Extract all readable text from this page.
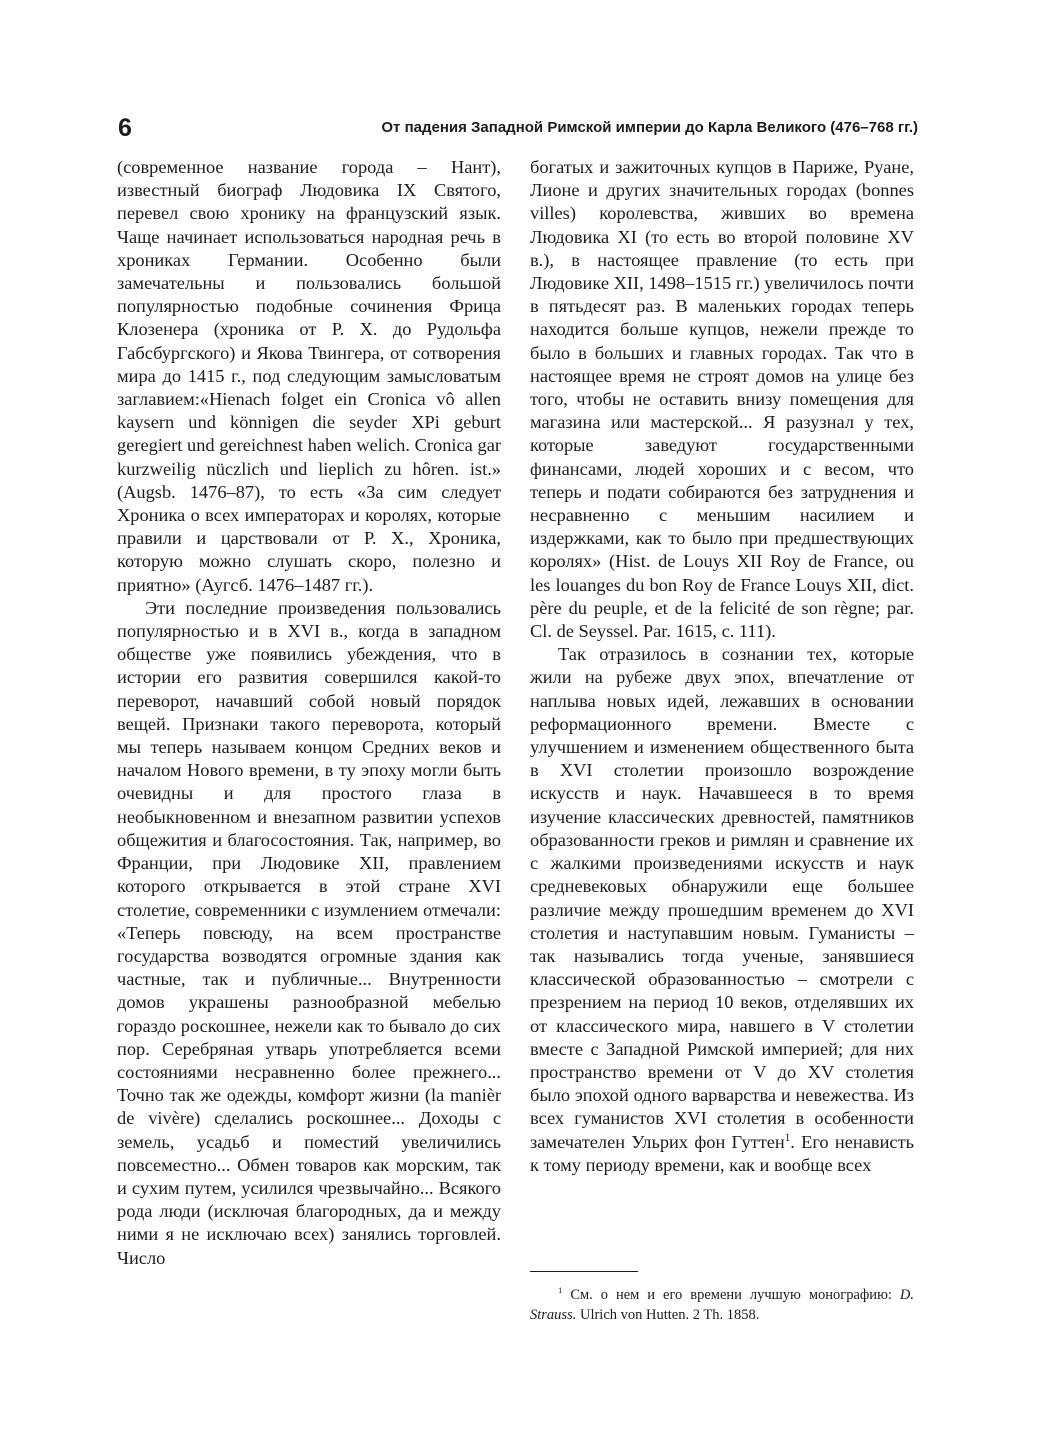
6	От падения Западной Римской империи до Карла Великого (476–768 гг.)

(современное название города – Нант), известный биограф Людовика IX Святого, перевел свою хронику на французский язык. Чаще начинает использоваться народная речь в хрониках Германии. Особенно были замечательны и пользовались большой популярностью подобные сочинения Фрица Клозенера (хроника от Р. Х. до Рудольфа Габсбургского) и Якова Твингера, от сотворения мира до 1415 г., под следующим замысловатым заглавием:«Hienach folget ein Cronica vô allen kaysern und könnigen die seyder XPi geburt geregiert und gereichnest haben welich. Cronica gar kurzweilig nüczlich und lieplich zu hôren. ist.» (Augsb. 1476–87), то есть «За сим следует Хроника о всех императорах и королях, которые правили и царствовали от Р. Х., Хроника, которую можно слушать скоро, полезно и приятно» (Аугсб. 1476–1487 гг.).

Эти последние произведения пользовались популярностью и в XVI в., когда в западном обществе уже появились убеждения, что в истории его развития совершился какой-то переворот, начавший собой новый порядок вещей. Признаки такого переворота, который мы теперь называем концом Средних веков и началом Нового времени, в ту эпоху могли быть очевидны и для простого глаза в необыкновенном и внезапном развитии успехов общежития и благосостояния. Так, например, во Франции, при Людовике XII, правлением которого открывается в этой стране XVI столетие, современники с изумлением отмечали: «Теперь повсюду, на всем пространстве государства возводятся огромные здания как частные, так и публичные... Внутренности домов украшены разнообразной мебелью гораздо роскошнее, нежели как то бывало до сих пор. Серебряная утварь употребляется всеми состояниями несравненно более прежнего... Точно так же одежды, комфорт жизни (la manièr de vivère) сделались роскошнее... Доходы с земель, усадьб и поместий увеличились повсеместно... Обмен товаров как морским, так и сухим путем, усилился чрезвычайно... Всякого рода люди (исключая благородных, да и между ними я не исключаю всех) занялись торговлей. Число

богатых и зажиточных купцов в Париже, Руане, Лионе и других значительных городах (bonnes villes) королевства, живших во времена Людовика XI (то есть во второй половине XV в.), в настоящее правление (то есть при Людовике XII, 1498–1515 гг.) увеличилось почти в пятьдесят раз. В маленьких городах теперь находится больше купцов, нежели прежде то было в больших и главных городах. Так что в настоящее время не строят домов на улице без того, чтобы не оставить внизу помещения для магазина или мастерской... Я разузнал у тех, которые заведуют государственными финансами, людей хороших и с весом, что теперь и подати собираются без затруднения и несравненно с меньшим насилием и издержками, как то было при предшествующих королях» (Hist. de Louys XII Roy de France, ou les louanges du bon Roy de France Louys XII, dict. père du peuple, et de la felicité de son règne; par. Cl. de Seyssel. Par. 1615, с. 111).

Так отразилось в сознании тех, которые жили на рубеже двух эпох, впечатление от наплыва новых идей, лежавших в основании реформационного времени. Вместе с улучшением и изменением общественного быта в XVI столетии произошло возрождение искусств и наук. Начавшееся в то время изучение классических древностей, памятников образованности греков и римлян и сравнение их с жалкими произведениями искусств и наук средневековых обнаружили еще большее различие между прошедшим временем до XVI столетия и наступавшим новым. Гуманисты – так назывались тогда ученые, занявшиеся классической образованностью – смотрели с презрением на период 10 веков, отделявших их от классического мира, навшего в V столетии вместе с Западной Римской империей; для них пространство времени от V до XV столетия было эпохой одного варварства и невежества. Из всех гуманистов XVI столетия в особенности замечателен Ульрих фон Гуттен$^1$. Его ненависть к тому периоду времени, как и вообще всех

$^1$ См. о нем и его времени лучшую монографию: D. Strauss. Ulrich von Hutten. 2 Th. 1858.
